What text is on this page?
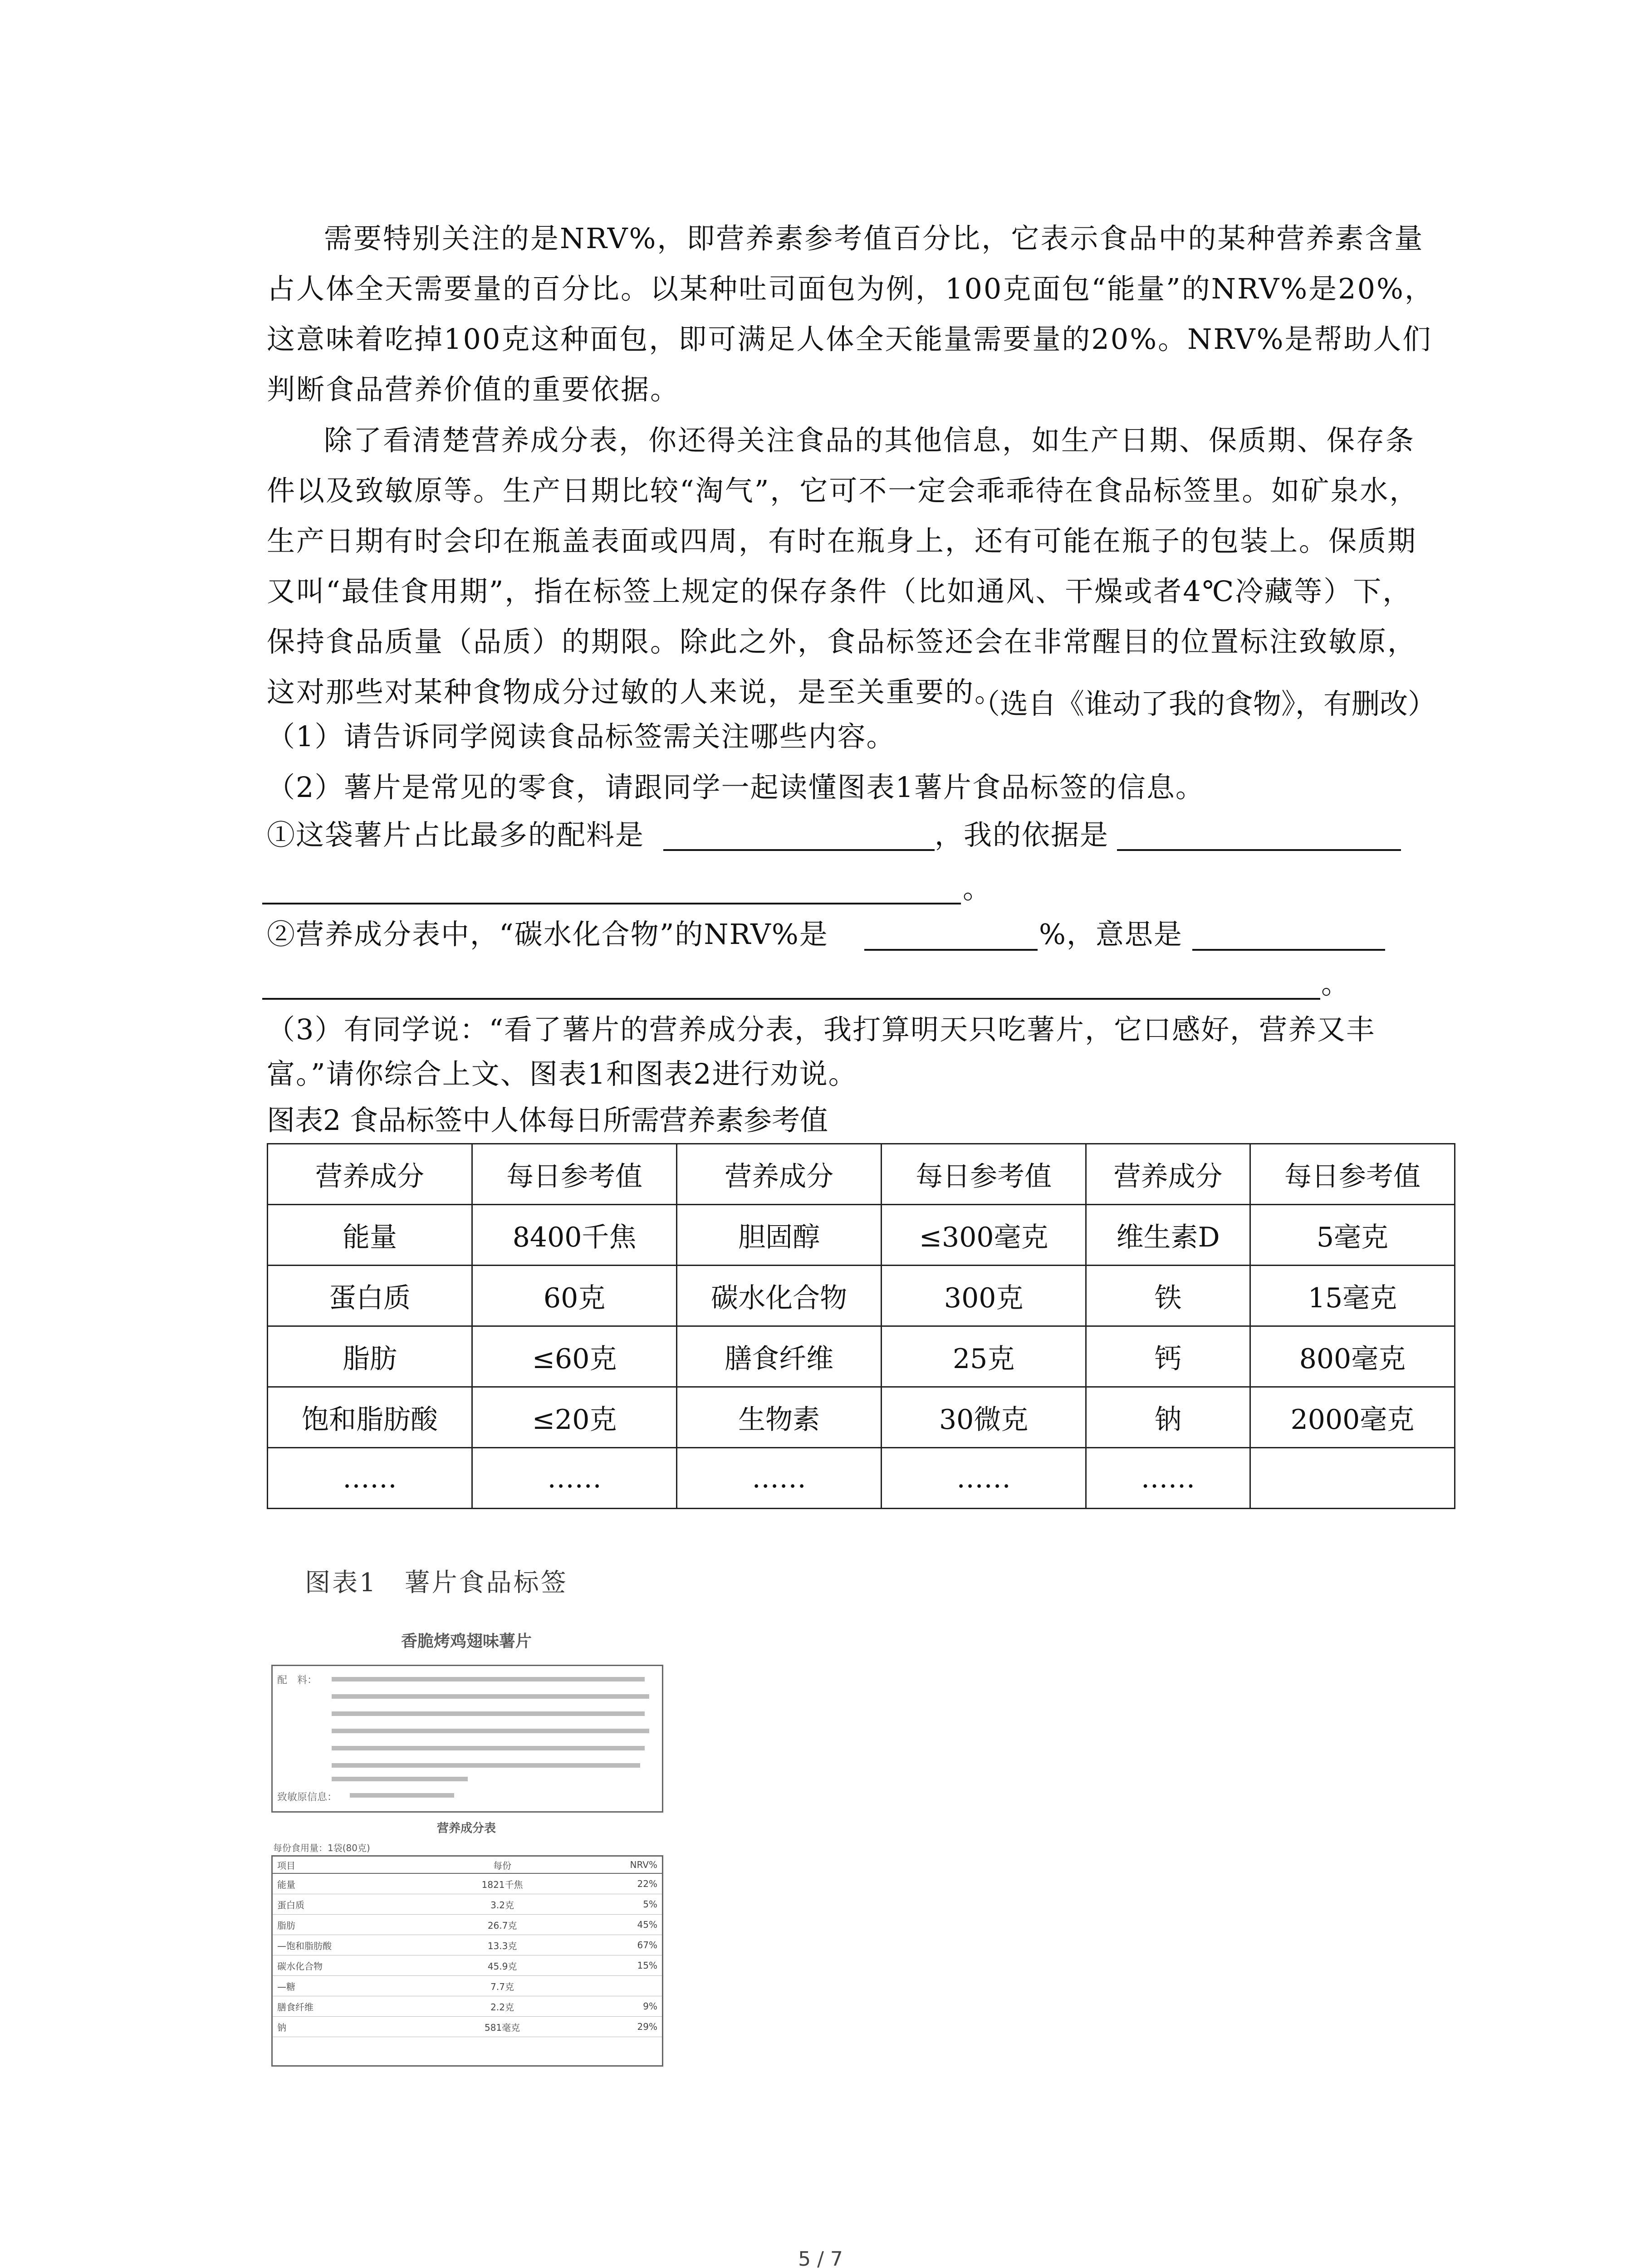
需要特别关注的是NRV%，即营养素参考值百分比，它表示食品中的某种营养素含量占人体全天需要量的百分比。以某种吐司面包为例，100克面包“能量”的NRV%是20%，这意味着吃掉100克这种面包，即可满足人体全天能量需要量的20%。NRV%是帮助人们判断食品营养价值的重要依据。

除了看清楚营养成分表，你还得关注食品的其他信息，如生产日期、保质期、保存条件以及致敏原等。生产日期比较“淘气”，它可不一定会乖乖待在食品标签里。如矿泉水，生产日期有时会印在瓶盖表面或四周，有时在瓶身上，还有可能在瓶子的包装上。保质期又叫“最佳食用期”，指在标签上规定的保存条件（比如通风、干燥或者4℃冷藏等）下，保持食品质量（品质）的期限。除此之外，食品标签还会在非常醒目的位置标注致敏原，这对那些对某种食物成分过敏的人来说，是至关重要的。

（选自《谁动了我的食物》，有删改）

（1）请告诉同学阅读食品标签需关注哪些内容。

（2）薯片是常见的零食，请跟同学一起读懂图表1薯片食品标签的信息。

①这袋薯片占比最多的配料是	，我的依据是

。

②营养成分表中，“碳水化合物”的NRV%是	%，意思是

。

（3）有同学说：“看了薯片的营养成分表，我打算明天只吃薯片，它口感好，营养又丰

富。”请你综合上文、图表1和图表2进行劝说。

图表2 食品标签中人体每日所需营养素参考值

营养成分	每日参考值	营养成分	每日参考值	营养成分	每日参考值
能量	8400千焦	胆固醇	≤300毫克	维生素D	5毫克
蛋白质	60克	碳水化合物	300克	铁	15毫克
脂肪	≤60克	膳食纤维	25克	钙	800毫克
饱和脂肪酸	≤20克	生物素	30微克	钠	2000毫克
……	……	……	……	……	

图表1　薯片食品标签

香脆烤鸡翅味薯片
配　料：
致敏原信息：
营养成分表
每份食用量：1袋(80克)
项目	每份	NRV%
能量	1821千焦	22%
蛋白质	3.2克	5%
脂肪	26.7克	45%
—饱和脂肪酸	13.3克	67%
碳水化合物	45.9克	15%
—糖	7.7克	
膳食纤维	2.2克	9%
钠	581毫克	29%
5 / 7
